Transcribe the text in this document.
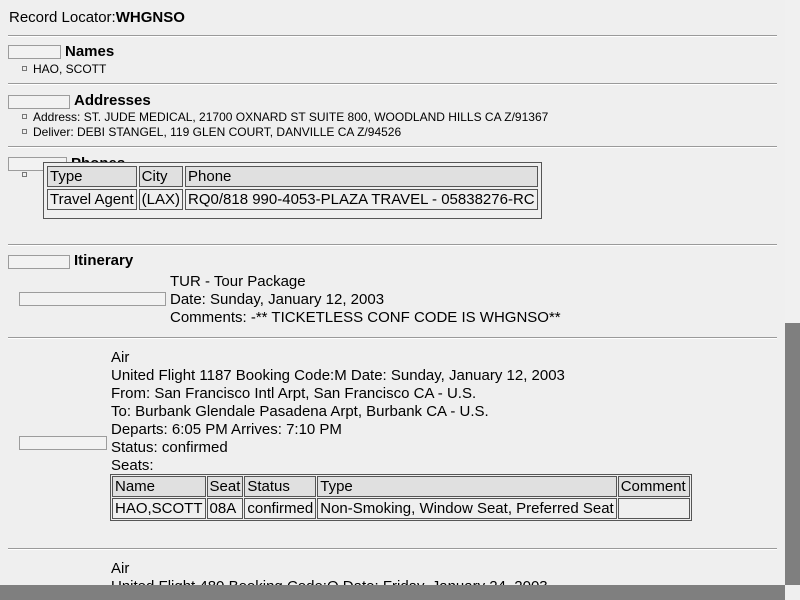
Record Locator:WHGNSO
Names
HAO, SCOTT
Addresses
Address: ST. JUDE MEDICAL, 21700 OXNARD ST SUITE 800, WOODLAND HILLS CA Z/91367
Deliver: DEBI STANGEL, 119 GLEN COURT, DANVILLE CA Z/94526
Type	City	Phone
Travel Agent	(LAX)	RQ0/818 990-4053-PLAZA TRAVEL - 05838276-RC
Itinerary
TUR - Tour Package
Date: Sunday, January 12, 2003
Comments: -** TICKETLESS CONF CODE IS WHGNSO**
Air
United Flight 1187 Booking Code:M Date: Sunday, January 12, 2003
From: San Francisco Intl Arpt, San Francisco CA - U.S.
To: Burbank Glendale Pasadena Arpt, Burbank CA - U.S.
Departs: 6:05 PM Arrives: 7:10 PM
Status: confirmed
Seats:
Name	Seat	Status	Type	Comment
HAO,SCOTT	08A	confirmed	Non-Smoking, Window Seat, Preferred Seat	
Air
